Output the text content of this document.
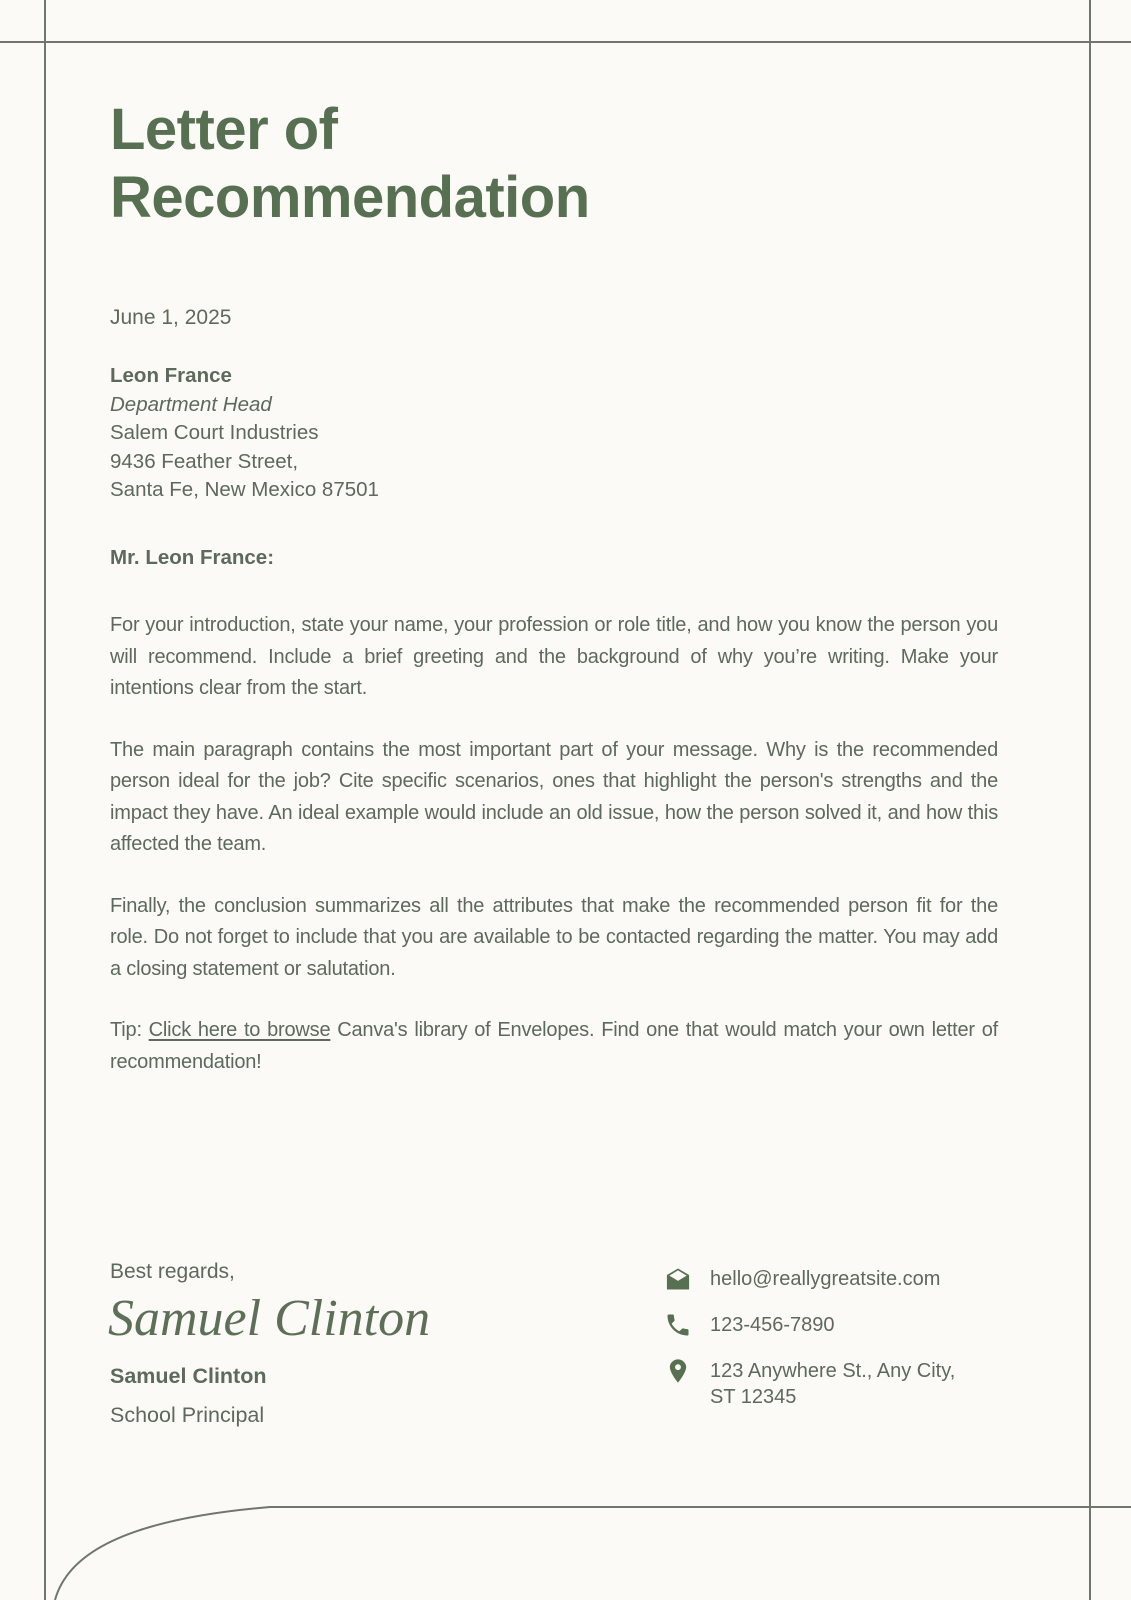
Letter of
Recommendation
June 1, 2025
Leon France
Department Head
Salem Court Industries
9436 Feather Street,
Santa Fe, New Mexico 87501
Mr. Leon France:

For your introduction, state your name, your profession or role title, and how you know the person you will recommend. Include a brief greeting and the background of why you’re writing. Make your intentions clear from the start.

The main paragraph contains the most important part of your message. Why is the recommended person ideal for the job? Cite specific scenarios, ones that highlight the person's strengths and the impact they have. An ideal example would include an old issue, how the person solved it, and how this affected the team.

Finally, the conclusion summarizes all the attributes that make the recommended person fit for the role. Do not forget to include that you are available to be contacted regarding the matter. You may add a closing statement or salutation.

Tip: Click here to browse Canva's library of Envelopes. Find one that would match your own letter of recommendation!

Best regards,
Samuel Clinton
Samuel Clinton
School Principal
hello@reallygreatsite.com
123-456-7890
123 Anywhere St., Any City,
ST 12345
